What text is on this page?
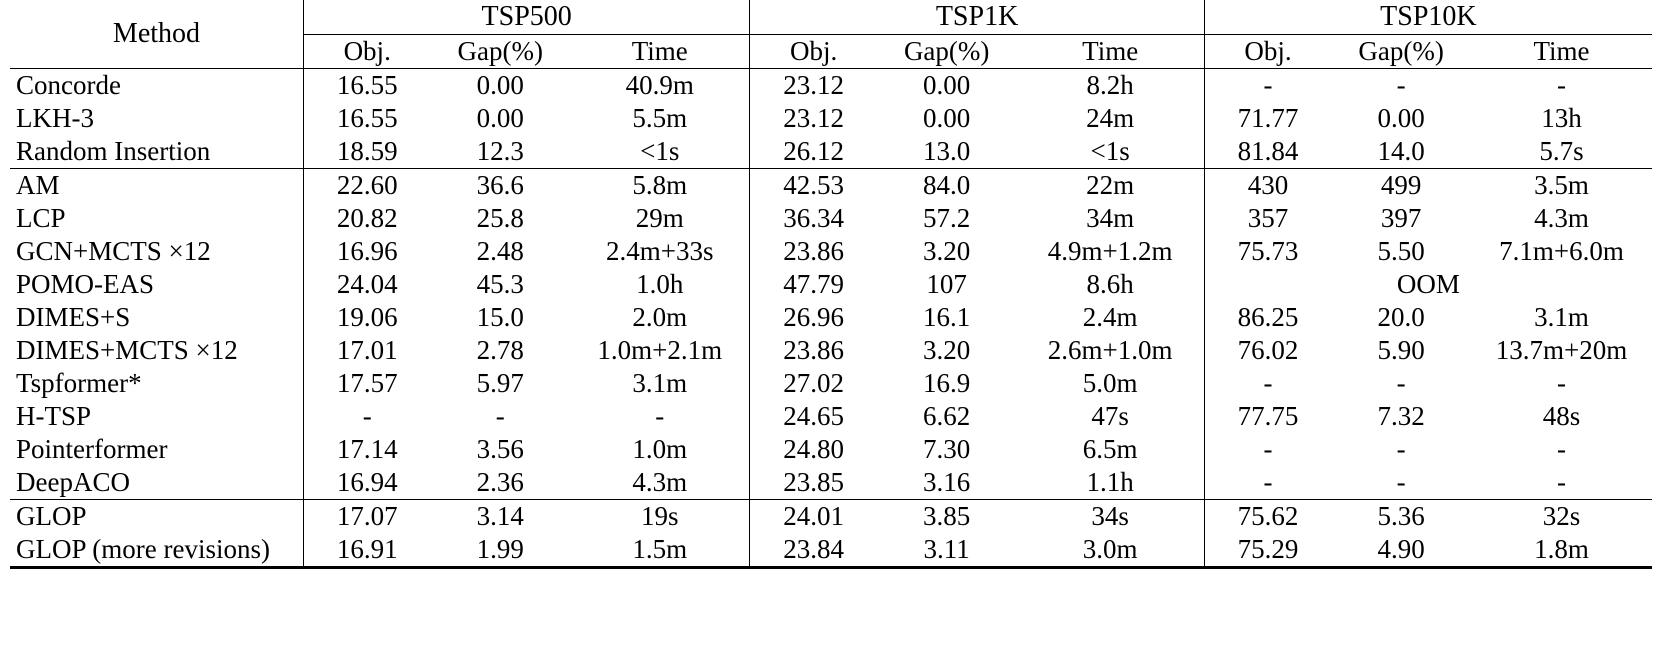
Method	TSP500			TSP1K			TSP10K		
	Obj.	Gap(%)	Time	Obj.	Gap(%)	Time	Obj.	Gap(%)	Time
Concorde	16.55	0.00	40.9m	23.12	0.00	8.2h	-	-	-
LKH-3	16.55	0.00	5.5m	23.12	0.00	24m	71.77	0.00	13h
Random Insertion	18.59	12.3	<1s	26.12	13.0	<1s	81.84	14.0	5.7s
AM	22.60	36.6	5.8m	42.53	84.0	22m	430	499	3.5m
LCP	20.82	25.8	29m	36.34	57.2	34m	357	397	4.3m
GCN+MCTS ×12	16.96	2.48	2.4m+33s	23.86	3.20	4.9m+1.2m	75.73	5.50	7.1m+6.0m
POMO-EAS	24.04	45.3	1.0h	47.79	107	8.6h	OOM		
DIMES+S	19.06	15.0	2.0m	26.96	16.1	2.4m	86.25	20.0	3.1m
DIMES+MCTS ×12	17.01	2.78	1.0m+2.1m	23.86	3.20	2.6m+1.0m	76.02	5.90	13.7m+20m
Tspformer*	17.57	5.97	3.1m	27.02	16.9	5.0m	-	-	-
H-TSP	-	-	-	24.65	6.62	47s	77.75	7.32	48s
Pointerformer	17.14	3.56	1.0m	24.80	7.30	6.5m	-	-	-
DeepACO	16.94	2.36	4.3m	23.85	3.16	1.1h	-	-	-
GLOP	17.07	3.14	19s	24.01	3.85	34s	75.62	5.36	32s
GLOP (more revisions)	16.91	1.99	1.5m	23.84	3.11	3.0m	75.29	4.90	1.8m
